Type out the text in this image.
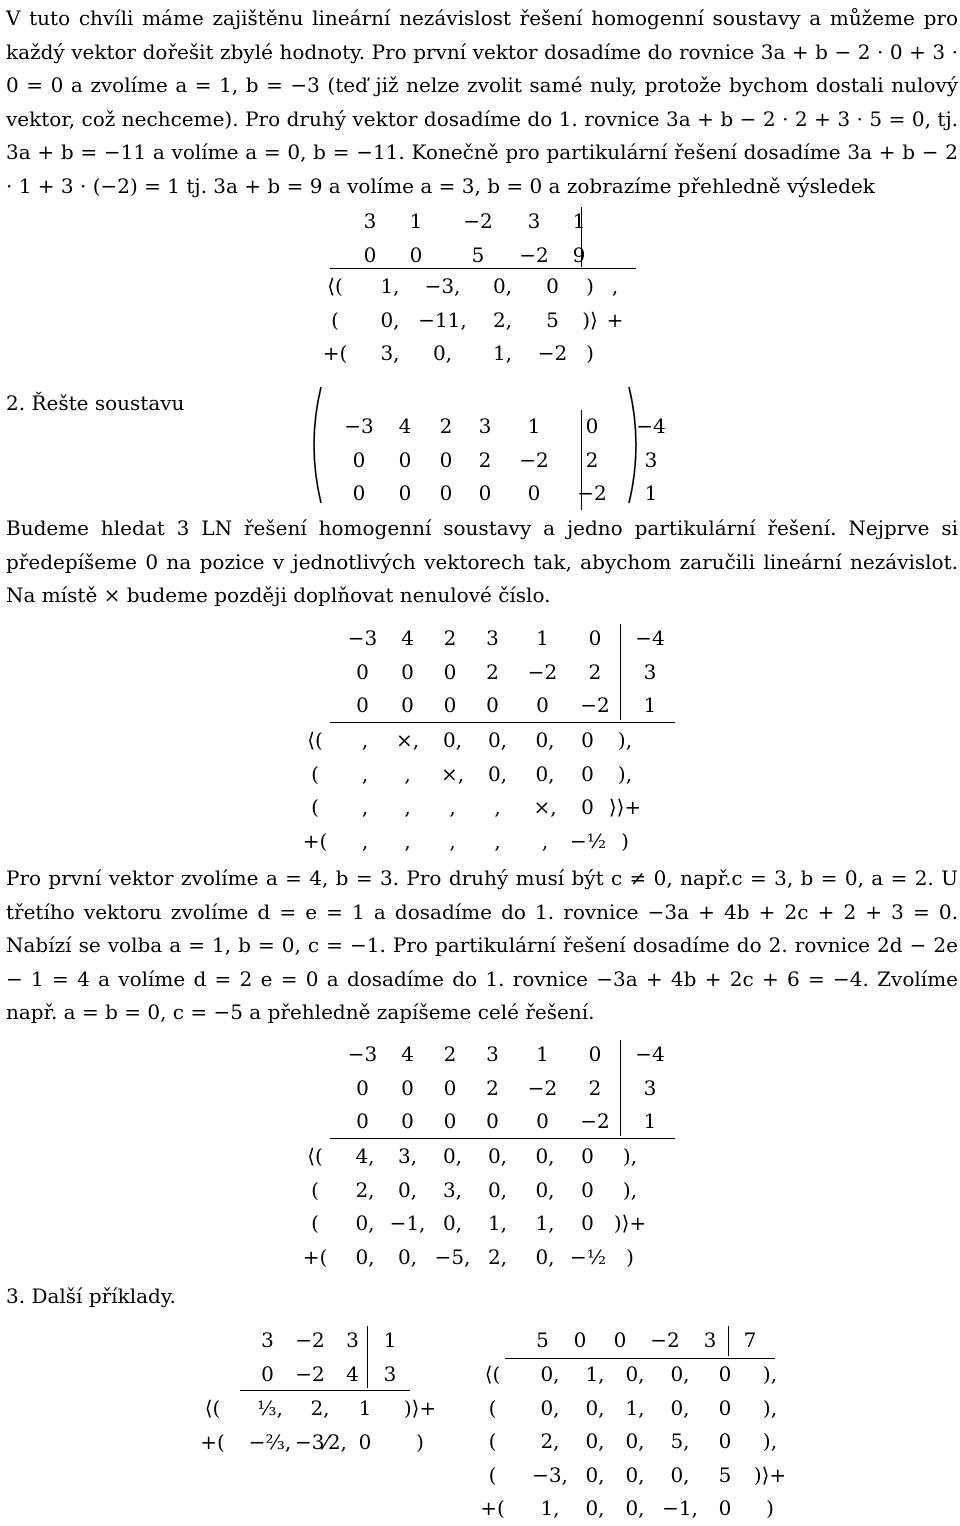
V tuto chvíli máme zajištěnu lineární nezávislost řešení homogenní soustavy a můžeme pro každý vektor dořešit zbylé hodnoty. Pro první vektor dosadíme do rovnice 3a + b − 2 · 0 + 3 · 0 = 0 a zvolíme a = 1, b = −3 (teď již nelze zvolit samé nuly, protože bychom dostali nulový vektor, což nechceme). Pro druhý vektor dosadíme do 1. rovnice 3a + b − 2 · 2 + 3 · 5 = 0, tj. 3a + b = −11 a volíme a = 0, b = −11. Konečně pro partikulární řešení dosadíme 3a + b − 2 · 1 + 3 · (−2) = 1 tj. 3a + b = 9 a volíme a = 3, b = 0 a zobrazíme přehledně výsledek

3	1	−2	3	1
0	0	5	−2	9
⟨(	1,	−3,	0,	0	) ,
(	0, −11,	2,	5	)⟩ +
+(	3,	0,	1,	−2 )
2. Řešte soustavu
−3	4	2	3	1	0	−4
0	0	0	2	−2	2	3
0	0	0	0	0	−2	1

Budeme hledat 3 LN řešení homogenní soustavy a jedno partikulární řešení. Nejprve si předepíšeme 0 na pozice v jednotlivých vektorech tak, abychom zaručili lineární nezávislot. Na místě × budeme později doplňovat nenulové číslo.

−3	4	2	3	1	0	−4
0	0	0	2	−2	2	3
0	0	0	0	0	−2	1
⟨(	,	×,	0,	0,	0,	0	),
(	,	,	×,	0,	0,	0	),
(	,	,	,	,	×,	0 ⟩⟩+
+(	,	,	,	,	,	−½ )

Pro první vektor zvolíme a = 4, b = 3. Pro druhý musí být c ≠ 0, např.c = 3, b = 0, a = 2. U třetího vektoru zvolíme d = e = 1 a dosadíme do 1. rovnice −3a + 4b + 2c + 2 + 3 = 0. Nabízí se volba a = 1, b = 0, c = −1. Pro partikulární řešení dosadíme do 2. rovnice 2d − 2e − 1 = 4 a volíme d = 2 e = 0 a dosadíme do 1. rovnice −3a + 4b + 2c + 6 = −4. Zvolíme např. a = b = 0, c = −5 a přehledně zapíšeme celé řešení.

−3	4	2	3	1	0	−4
0	0	0	2	−2	2	3
0	0	0	0	0	−2	1
⟨(	4,	3,	0,	0,	0,	0	),
(	2,	0,	3,	0,	0,	0	),
(	0, −1, 0,	1,	1,	0 )⟩+
+(	0,	0, −5, 2,	0, −½ )
3. Další příklady.
3	−2	3	1
0	−2	4	3
⟨(	⅓,	2,	1	)⟩+
+(	−⅔, −3⁄2, 0	)
5	0	0	−2	3	7
⟨(	0,	1,	0,	0,	0	),
(	0,	0,	1,	0,	0	),
(	2,	0,	0,	5,	0	),
(	−3, 0,	0,	0,	5	)⟩+
+(	1,	0,	0, −1,	0	)
